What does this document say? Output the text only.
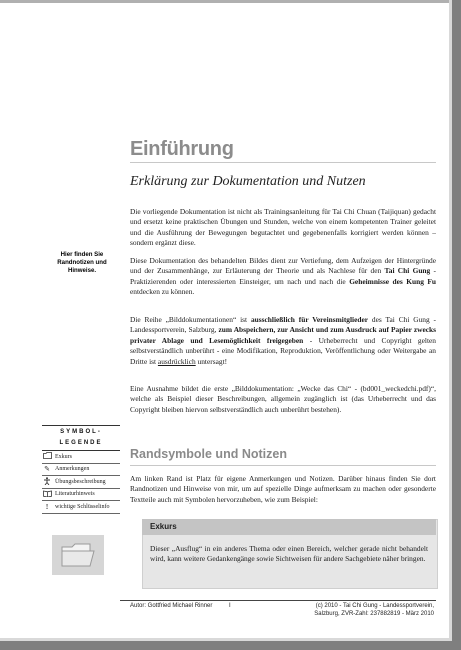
Einführung
Erklärung zur Dokumentation und Nutzen
Hier finden Sie Randnotizen und Hinweise.
Die vorliegende Dokumentation ist nicht als Trainingsanleitung für Tai Chi Chuan (Taijiquan) gedacht und ersetzt keine praktischen Übungen und Stunden, welche von einem kompetenten Trainer geleitet und die Ausführung der Bewegungen begutachtet und gegebenenfalls korrigiert werden können – sondern ergänzt diese.
Diese Dokumentation des behandelten Bildes dient zur Vertiefung, dem Aufzeigen der Hintergründe und der Zusammenhänge, zur Erläuterung der Theorie und als Nachlese für den Tai Chi Gung - Praktizierenden oder interessierten Einsteiger, um nach und nach die Geheimnisse des Kung Fu entdecken zu können.
Die Reihe „Bilddokumentationen“ ist ausschließlich für Vereinsmitglieder des Tai Chi Gung - Landessportverein, Salzburg, zum Abspeichern, zur Ansicht und zum Ausdruck auf Papier zwecks privater Ablage und Lesemöglichkeit freigegeben - Urheberrecht und Copyright gelten selbstverständlich unberührt - eine Modifikation, Reproduktion, Veröffentlichung oder Weitergabe an Dritte ist ausdrücklich untersagt!
Eine Ausnahme bildet die erste „Bilddokumentation: „Wecke das Chi“ - (bd001_weckedchi.pdf)“, welche als Beispiel dieser Beschreibungen, allgemein zugänglich ist (das Urheberrecht und das Copyright bleiben hiervon selbstverständlich auch unberührt bestehen).
SYMBOL-LEGENDE
Exkurs
✎ Anmerkungen
Übungsbeschreibung
Literaturhinweis
!	wichtige Schlüsselinfo
Randsymbole und Notizen
Am linken Rand ist Platz für eigene Anmerkungen und Notizen. Darüber hinaus finden Sie dort Randnotizen und Hinweise von mir, um auf spezielle Dinge aufmerksam zu machen oder gesonderte Textteile auch mit Symbolen hervorzuheben, wie zum Beispiel:
Exkurs
Dieser „Ausflug“ in ein anderes Thema oder einen Bereich, welcher gerade nicht behandelt wird, kann weitere Gedankengänge sowie Sichtweisen für andere Sachgebiete näher bringen.
Autor: Gottfried Michael Rinner	I	(c) 2010 - Tai Chi Gung - Landessportverein,
Salzburg, ZVR-Zahl: 237882819 - März 2010
